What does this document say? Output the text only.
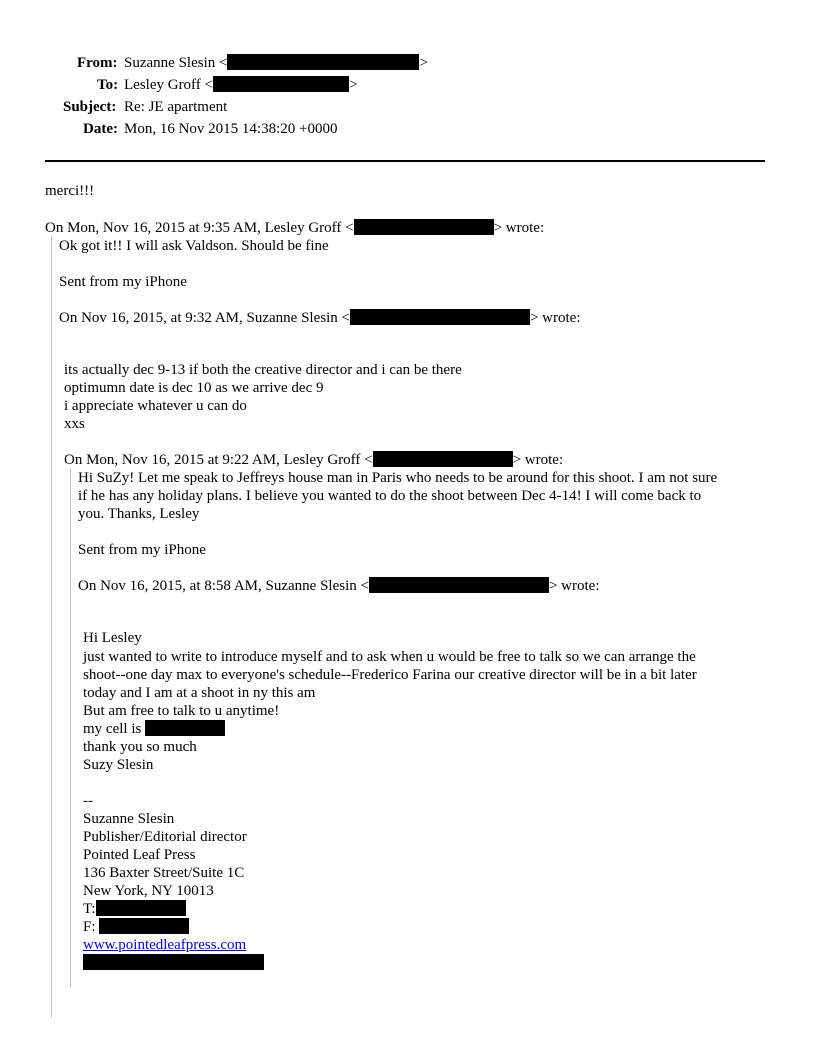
From: Suzanne Slesin <	>
To: Lesley Groff <	>
Subject: Re: JE apartment
Date: Mon, 16 Nov 2015 14:38:20 +0000
merci!!!
On Mon, Nov 16, 2015 at 9:35 AM, Lesley Groff <	> wrote:
Ok got it!! I will ask Valdson. Should be fine
Sent from my iPhone
On Nov 16, 2015, at 9:32 AM, Suzanne Slesin <	> wrote:
its actually dec 9-13 if both the creative director and i can be there
optimumn date is dec 10 as we arrive dec 9
i appreciate whatever u can do
xxs
On Mon, Nov 16, 2015 at 9:22 AM, Lesley Groff <	> wrote:
Hi SuZy! Let me speak to Jeffreys house man in Paris who needs to be around for this shoot. I am not sure
if he has any holiday plans. I believe you wanted to do the shoot between Dec 4-14! I will come back to
you. Thanks, Lesley
Sent from my iPhone
On Nov 16, 2015, at 8:58 AM, Suzanne Slesin <	> wrote:
Hi Lesley
just wanted to write to introduce myself and to ask when u would be free to talk so we can arrange the
shoot--one day max to everyone's schedule--Frederico Farina our creative director will be in a bit later
today and I am at a shoot in ny this am
But am free to talk to u anytime!
my cell is
thank you so much
Suzy Slesin
--
Suzanne Slesin
Publisher/Editorial director
Pointed Leaf Press
136 Baxter Street/Suite 1C
New York, NY 10013
T:
F:
www.pointedleafpress.com
